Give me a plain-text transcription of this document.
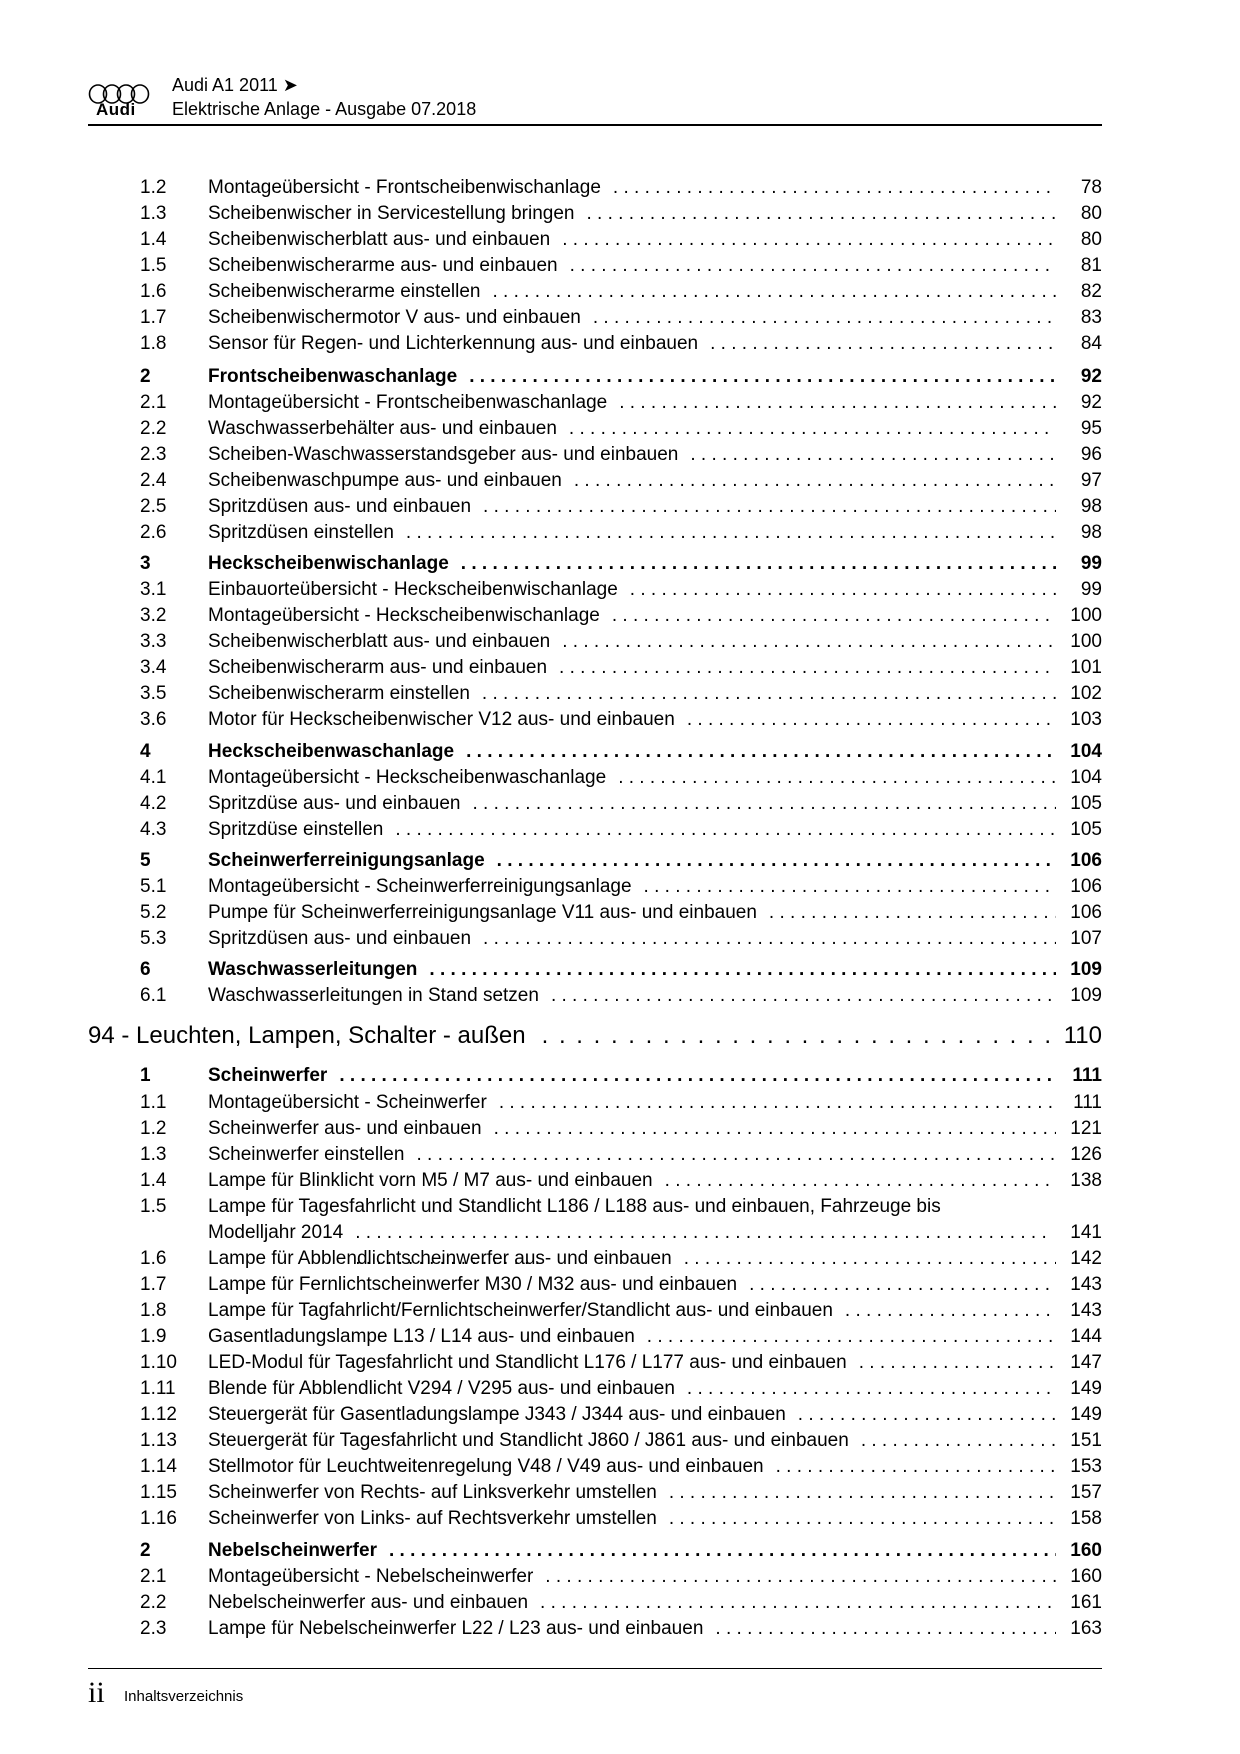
Audi
Audi A1 2011 ➤
Elektrische Anlage - Ausgabe 07.2018
1.2 Montageübersicht - Frontscheibenwischanlage . . .	78
1.3 Scheibenwischer in Servicestellung bringen . . .	80
1.4 Scheibenwischerblatt aus- und einbauen . . .	80
1.5 Scheibenwischerarme aus- und einbauen . . .	81
1.6 Scheibenwischerarme einstellen . . .	82
1.7 Scheibenwischermotor V aus- und einbauen . . .	83
1.8 Sensor für Regen- und Lichterkennung aus- und einbauen . . .	84
2	Frontscheibenwaschanlage . . .	92
2.1 Montageübersicht - Frontscheibenwaschanlage . . .	92
2.2 Waschwasserbehälter aus- und einbauen . . .	95
2.3 Scheiben-Waschwasserstandsgeber aus- und einbauen . . .	96
2.4 Scheibenwaschpumpe aus- und einbauen . . .	97
2.5 Spritzdüsen aus- und einbauen . . .	98
2.6 Spritzdüsen einstellen . . .	98
3	Heckscheibenwischanlage . . .	99
3.1 Einbauorteübersicht - Heckscheibenwischanlage . . .	99
3.2 Montageübersicht - Heckscheibenwischanlage . . .	100
3.3 Scheibenwischerblatt aus- und einbauen . . .	100
3.4 Scheibenwischerarm aus- und einbauen . . .	101
3.5 Scheibenwischerarm einstellen . . .	102
3.6 Motor für Heckscheibenwischer V12 aus- und einbauen . . .	103
4	Heckscheibenwaschanlage . . .	104
4.1 Montageübersicht - Heckscheibenwaschanlage . . .	104
4.2 Spritzdüse aus- und einbauen . . .	105
4.3 Spritzdüse einstellen . . .	105
5	Scheinwerferreinigungsanlage . . .	106
5.1 Montageübersicht - Scheinwerferreinigungsanlage . . .	106
5.2 Pumpe für Scheinwerferreinigungsanlage V11 aus- und einbauen . . .	106
5.3 Spritzdüsen aus- und einbauen . . .	107
6	Waschwasserleitungen . . .	109
6.1 Waschwasserleitungen in Stand setzen . . .	109
94 - Leuchten, Lampen, Schalter - außen . . .	110
1	Scheinwerfer . . .	111
1.1 Montageübersicht - Scheinwerfer . . .	111
1.2 Scheinwerfer aus- und einbauen . . .	121
1.3 Scheinwerfer einstellen . . .	126
1.4 Lampe für Blinklicht vorn M5 / M7 aus- und einbauen . . .	138
1.5 Lampe für Tagesfahrlicht und Standlicht L186 / L188 aus- und einbauen, Fahrzeuge bis
Modelljahr 2014 . . .	141
1.6 Lampe für Abblendlichtscheinwerfer aus- und einbauen . . .	142
1.7 Lampe für Fernlichtscheinwerfer M30 / M32 aus- und einbauen . . .	143
1.8 Lampe für Tagfahrlicht/Fernlichtscheinwerfer/Standlicht aus- und einbauen . . .	143
1.9 Gasentladungslampe L13 / L14 aus- und einbauen . . .	144
1.10 LED-Modul für Tagesfahrlicht und Standlicht L176 / L177 aus- und einbauen . . .	147
1.11 Blende für Abblendlicht V294 / V295 aus- und einbauen . . .	149
1.12 Steuergerät für Gasentladungslampe J343 / J344 aus- und einbauen . . .	149
1.13 Steuergerät für Tagesfahrlicht und Standlicht J860 / J861 aus- und einbauen . . .	151
1.14 Stellmotor für Leuchtweitenregelung V48 / V49 aus- und einbauen . . .	153
1.15 Scheinwerfer von Rechts- auf Linksverkehr umstellen . . .	157
1.16 Scheinwerfer von Links- auf Rechtsverkehr umstellen . . .	158
2	Nebelscheinwerfer . . .	160
2.1 Montageübersicht - Nebelscheinwerfer . . .	160
2.2 Nebelscheinwerfer aus- und einbauen . . .	161
2.3 Lampe für Nebelscheinwerfer L22 / L23 aus- und einbauen . . .	163
ii Inhaltsverzeichnis
